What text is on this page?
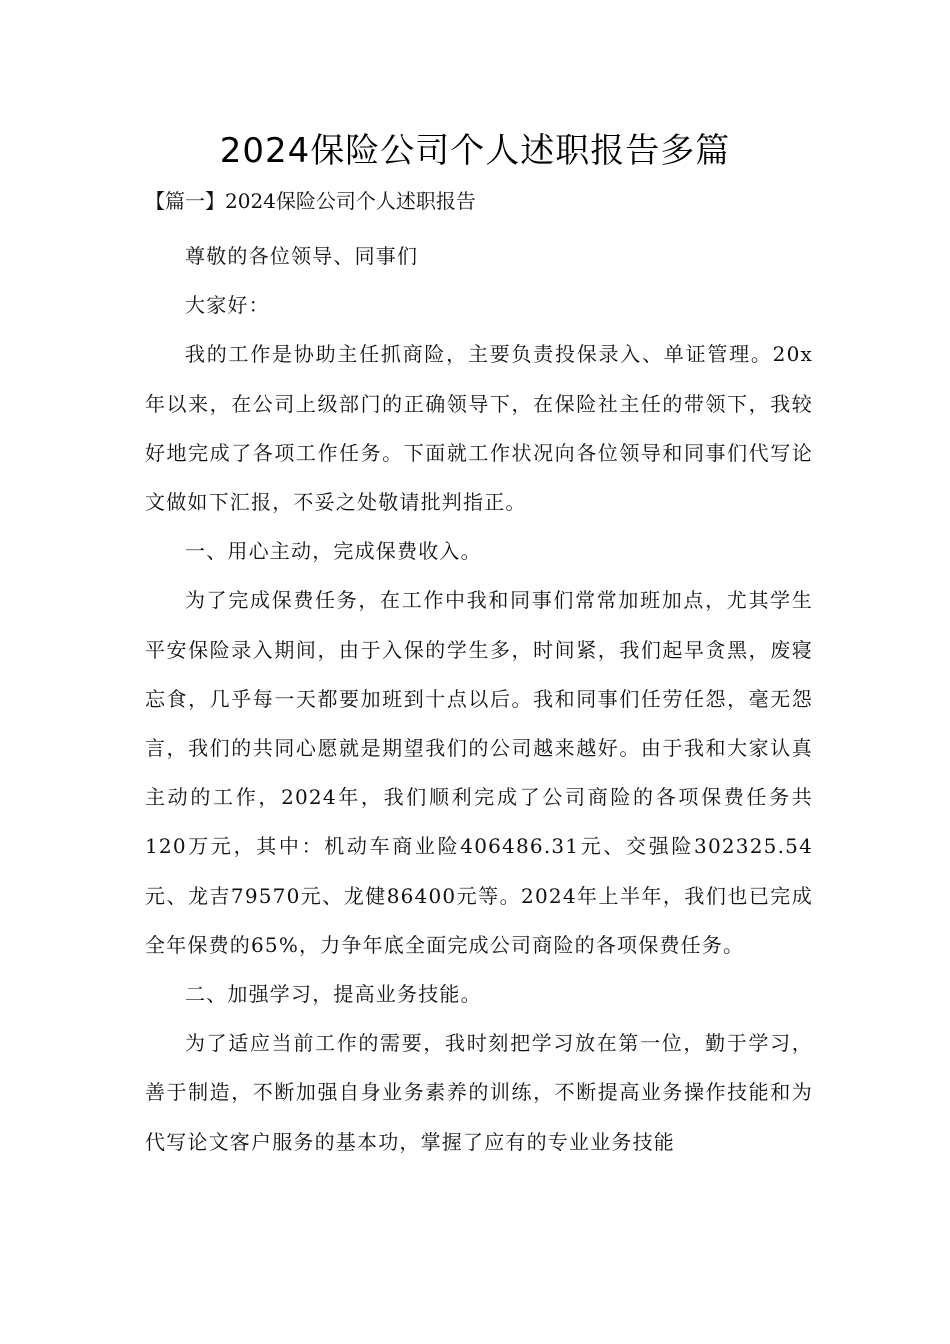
2024保险公司个人述职报告多篇
【篇一】2024保险公司个人述职报告

尊敬的各位领导、同事们

大家好：

我的工作是协助主任抓商险，主要负责投保录入、单证管理。20x年以来，在公司上级部门的正确领导下，在保险社主任的带领下，我较好地完成了各项工作任务。下面就工作状况向各位领导和同事们代写论文做如下汇报，不妥之处敬请批判指正。

一、用心主动，完成保费收入。

为了完成保费任务，在工作中我和同事们常常加班加点，尤其学生平安保险录入期间，由于入保的学生多，时间紧，我们起早贪黑，废寝忘食，几乎每一天都要加班到十点以后。我和同事们任劳任怨，毫无怨言，我们的共同心愿就是期望我们的公司越来越好。由于我和大家认真主动的工作，2024年，我们顺利完成了公司商险的各项保费任务共120万元，其中：机动车商业险406486.31元、交强险302325.54元、龙吉79570元、龙健86400元等。2024年上半年，我们也已完成全年保费的65%，力争年底全面完成公司商险的各项保费任务。

二、加强学习，提高业务技能。

为了适应当前工作的需要，我时刻把学习放在第一位，勤于学习，善于制造，不断加强自身业务素养的训练，不断提高业务操作技能和为代写论文客户服务的基本功，掌握了应有的专业业务技能
